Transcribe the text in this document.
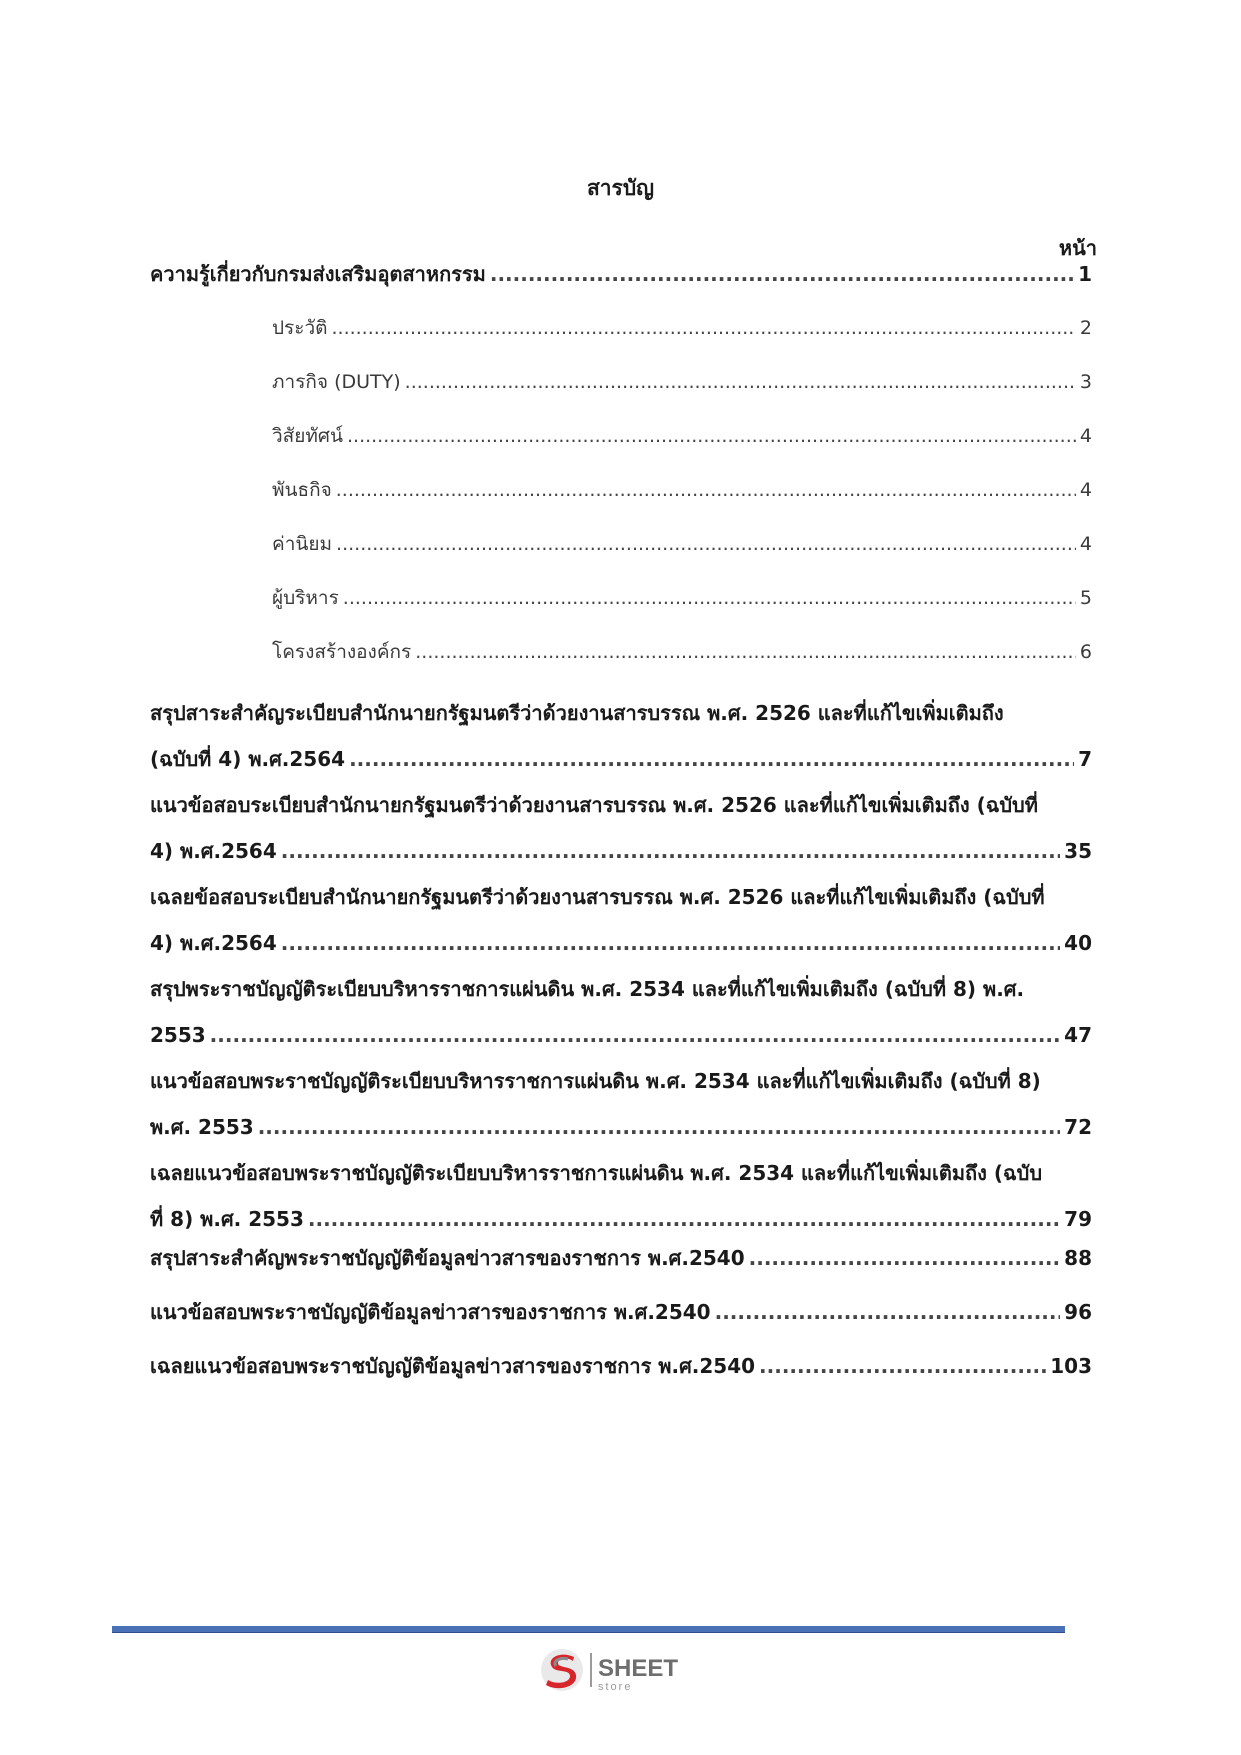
สารบัญ
หน้า
ความรู้เกี่ยวกับกรมส่งเสริมอุตสาหกรรม .....	1
ประวัติ .....	2
ภารกิจ (DUTY) .....	3
วิสัยทัศน์ .....	4
พันธกิจ .....	4
ค่านิยม .....	4
ผู้บริหาร .....	5
โครงสร้างองค์กร .....	6
สรุปสาระสำคัญระเบียบสำนักนายกรัฐมนตรีว่าด้วยงานสารบรรณ พ.ศ. 2526 และที่แก้ไขเพิ่มเติมถึง
(ฉบับที่ 4) พ.ศ.2564 .....	7
แนวข้อสอบระเบียบสำนักนายกรัฐมนตรีว่าด้วยงานสารบรรณ พ.ศ. 2526 และที่แก้ไขเพิ่มเติมถึง (ฉบับที่
4) พ.ศ.2564 .....	35
เฉลยข้อสอบระเบียบสำนักนายกรัฐมนตรีว่าด้วยงานสารบรรณ พ.ศ. 2526 และที่แก้ไขเพิ่มเติมถึง (ฉบับที่
4) พ.ศ.2564 .....	40
สรุปพระราชบัญญัติระเบียบบริหารราชการแผ่นดิน พ.ศ. 2534 และที่แก้ไขเพิ่มเติมถึง (ฉบับที่ 8) พ.ศ.
2553 .....	47
แนวข้อสอบพระราชบัญญัติระเบียบบริหารราชการแผ่นดิน พ.ศ. 2534 และที่แก้ไขเพิ่มเติมถึง (ฉบับที่ 8)
พ.ศ. 2553 .....	72
เฉลยแนวข้อสอบพระราชบัญญัติระเบียบบริหารราชการแผ่นดิน พ.ศ. 2534 และที่แก้ไขเพิ่มเติมถึง (ฉบับ
ที่ 8) พ.ศ. 2553 .....	79
สรุปสาระสำคัญพระราชบัญญัติข้อมูลข่าวสารของราชการ พ.ศ.2540 .....	88
แนวข้อสอบพระราชบัญญัติข้อมูลข่าวสารของราชการ พ.ศ.2540 .....	96
เฉลยแนวข้อสอบพระราชบัญญัติข้อมูลข่าวสารของราชการ พ.ศ.2540 .....	103
SHEET
store
